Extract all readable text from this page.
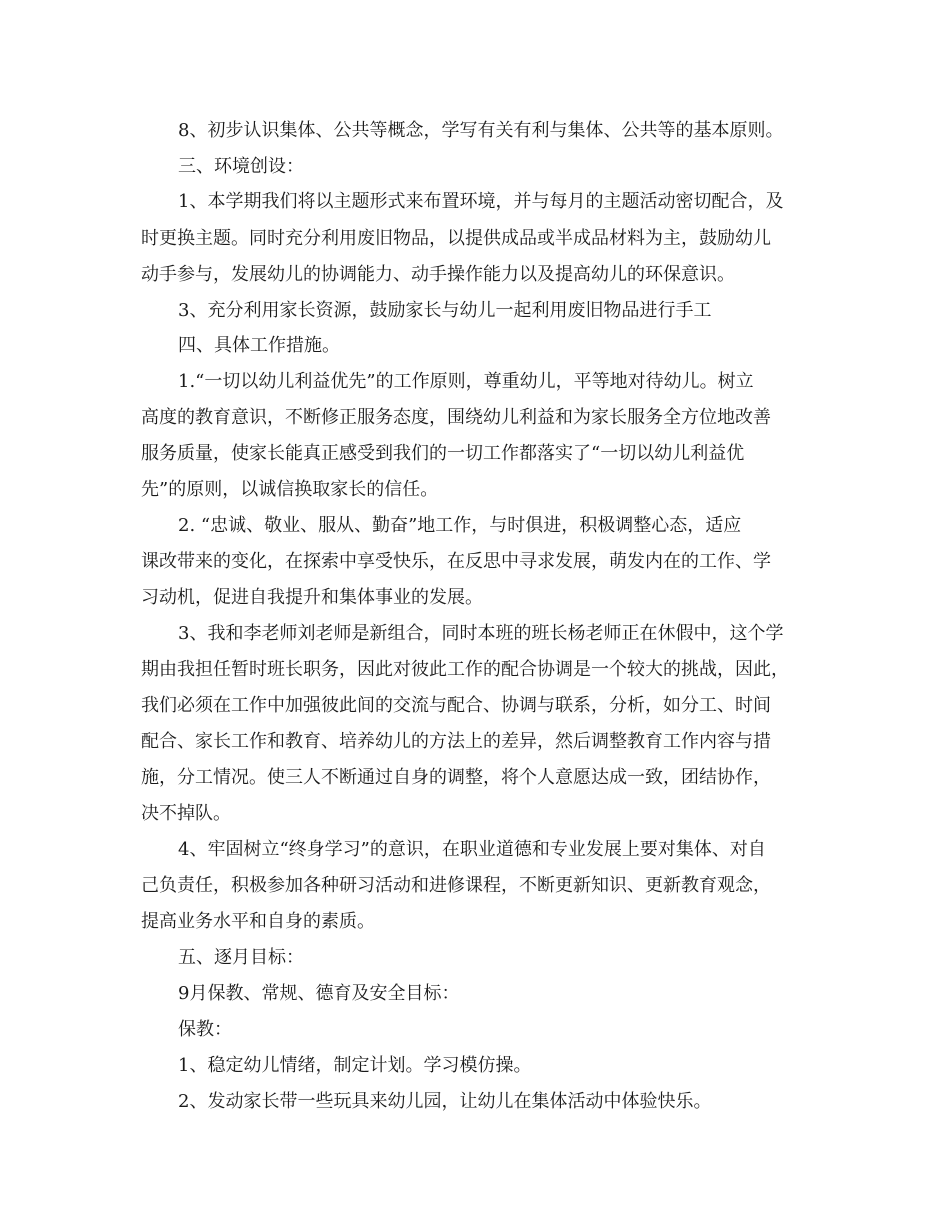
8、初步认识集体、公共等概念，学写有关有利与集体、公共等的基本原则。
三、环境创设：
1、本学期我们将以主题形式来布置环境，并与每月的主题活动密切配合，及
时更换主题。同时充分利用废旧物品，以提供成品或半成品材料为主，鼓励幼儿
动手参与，发展幼儿的协调能力、动手操作能力以及提高幼儿的环保意识。
3、充分利用家长资源，鼓励家长与幼儿一起利用废旧物品进行手工
四、具体工作措施。
1.“一切以幼儿利益优先”的工作原则，尊重幼儿，平等地对待幼儿。树立
高度的教育意识，不断修正服务态度，围绕幼儿利益和为家长服务全方位地改善
服务质量，使家长能真正感受到我们的一切工作都落实了“一切以幼儿利益优
先”的原则，以诚信换取家长的信任。
2. “忠诚、敬业、服从、勤奋”地工作，与时俱进，积极调整心态，适应
课改带来的变化，在探索中享受快乐，在反思中寻求发展，萌发内在的工作、学
习动机，促进自我提升和集体事业的发展。
3、我和李老师刘老师是新组合，同时本班的班长杨老师正在休假中，这个学
期由我担任暂时班长职务，因此对彼此工作的配合协调是一个较大的挑战，因此，
我们必须在工作中加强彼此间的交流与配合、协调与联系，分析，如分工、时间
配合、家长工作和教育、培养幼儿的方法上的差异，然后调整教育工作内容与措
施，分工情况。使三人不断通过自身的调整，将个人意愿达成一致，团结协作，
决不掉队。
4、牢固树立“终身学习”的意识，在职业道德和专业发展上要对集体、对自
己负责任，积极参加各种研习活动和进修课程，不断更新知识、更新教育观念，
提高业务水平和自身的素质。
五、逐月目标：
9月保教、常规、德育及安全目标：
保教：
1、稳定幼儿情绪，制定计划。学习模仿操。
2、发动家长带一些玩具来幼儿园，让幼儿在集体活动中体验快乐。
